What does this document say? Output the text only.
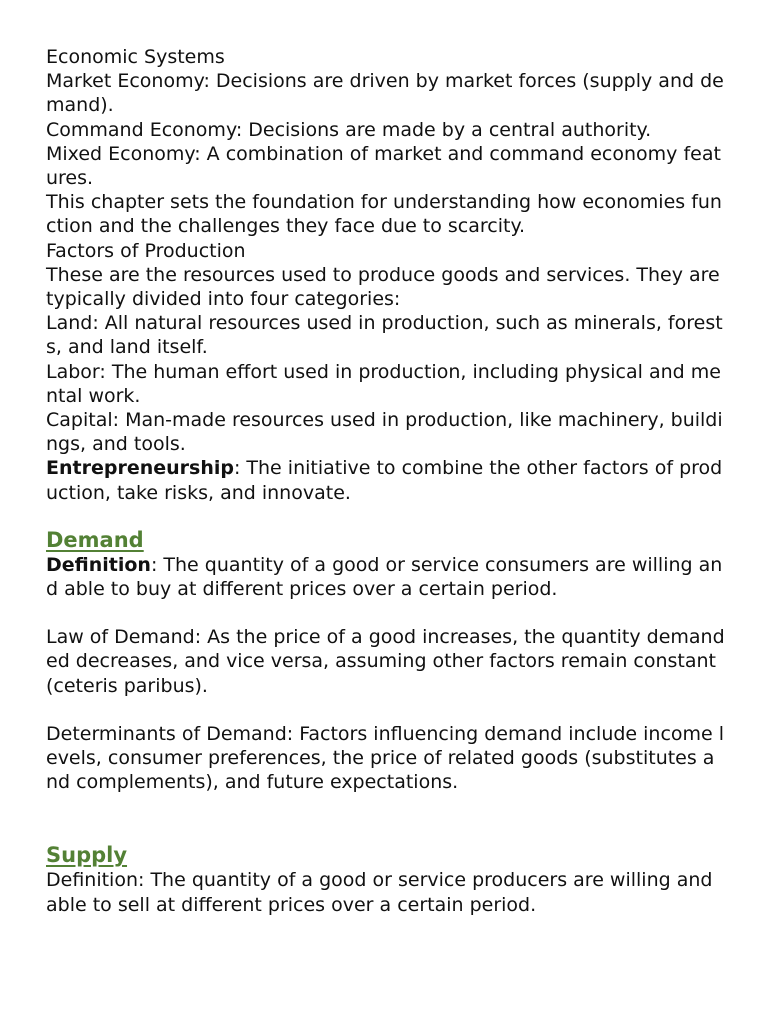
Economic Systems

Market Economy: Decisions are driven by market forces (supply and demand).

Command Economy: Decisions are made by a central authority.

Mixed Economy: A combination of market and command economy features.

This chapter sets the foundation for understanding how economies function and the challenges they face due to scarcity.

Factors of Production

These are the resources used to produce goods and services. They are typically divided into four categories:

Land: All natural resources used in production, such as minerals, forests, and land itself.

Labor: The human effort used in production, including physical and mental work.

Capital: Man-made resources used in production, like machinery, buildings, and tools.

Entrepreneurship: The initiative to combine the other factors of production, take risks, and innovate.

Demand

Definition: The quantity of a good or service consumers are willing and able to buy at different prices over a certain period.

Law of Demand: As the price of a good increases, the quantity demanded decreases, and vice versa, assuming other factors remain constant (ceteris paribus).

Determinants of Demand: Factors influencing demand include income levels, consumer preferences, the price of related goods (substitutes and complements), and future expectations.

Supply

Definition: The quantity of a good or service producers are willing and able to sell at different prices over a certain period.
